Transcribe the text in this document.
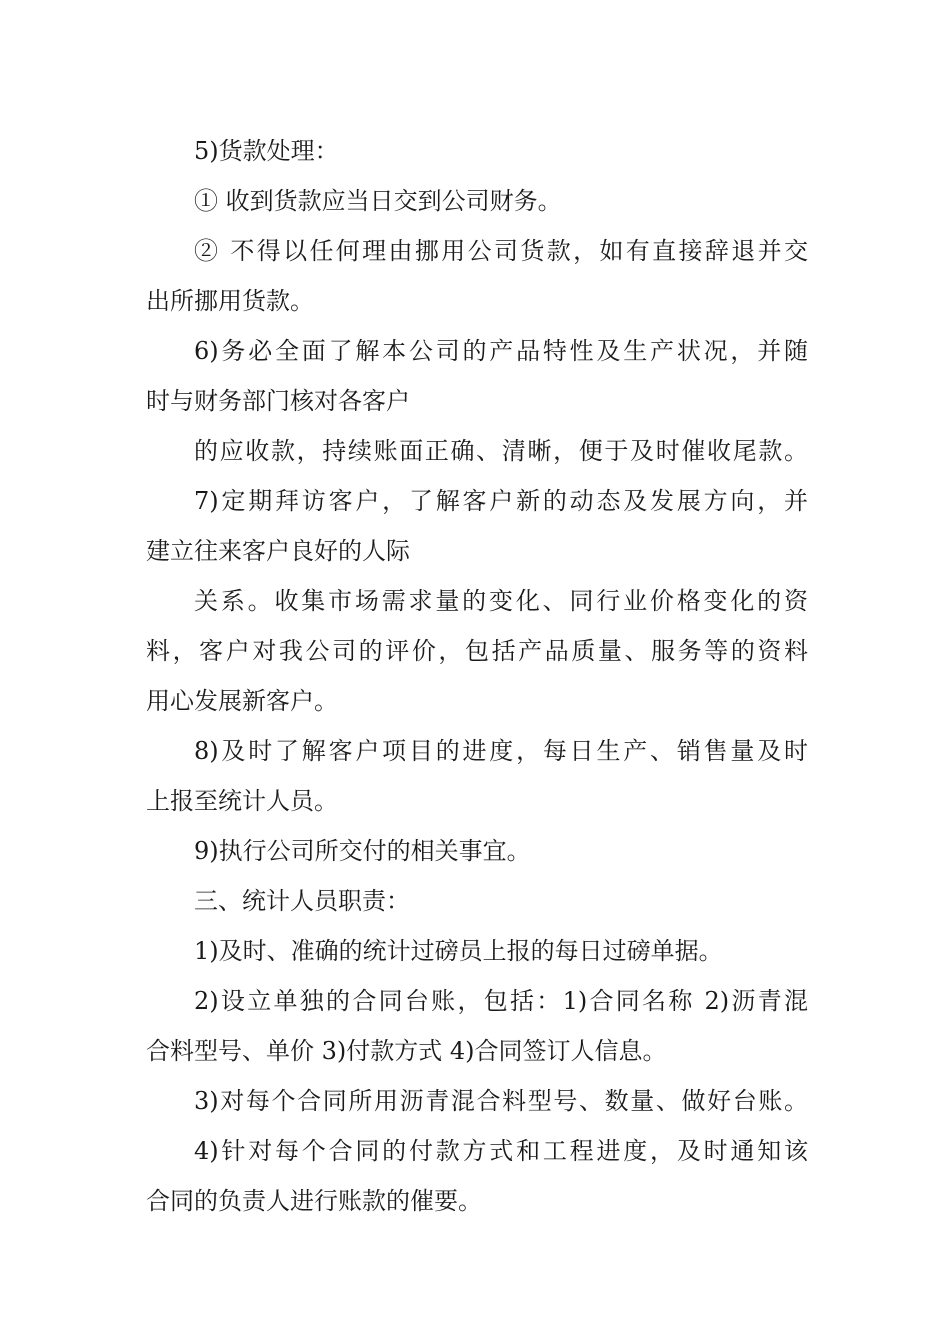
5)货款处理：
① 收到货款应当日交到公司财务。
② 不得以任何理由挪用公司货款，如有直接辞退并交
出所挪用货款。
6)务必全面了解本公司的产品特性及生产状况，并随
时与财务部门核对各客户
的应收款，持续账面正确、清晰，便于及时催收尾款。
7)定期拜访客户，了解客户新的动态及发展方向，并
建立往来客户良好的人际
关系。收集市场需求量的变化、同行业价格变化的资
料，客户对我公司的评价，包括产品质量、服务等的资料
用心发展新客户。
8)及时了解客户项目的进度，每日生产、销售量及时
上报至统计人员。
9)执行公司所交付的相关事宜。
三、统计人员职责：
1)及时、准确的统计过磅员上报的每日过磅单据。
2)设立单独的合同台账，包括：1)合同名称 2)沥青混
合料型号、单价 3)付款方式 4)合同签订人信息。
3)对每个合同所用沥青混合料型号、数量、做好台账。
4)针对每个合同的付款方式和工程进度，及时通知该
合同的负责人进行账款的催要。
